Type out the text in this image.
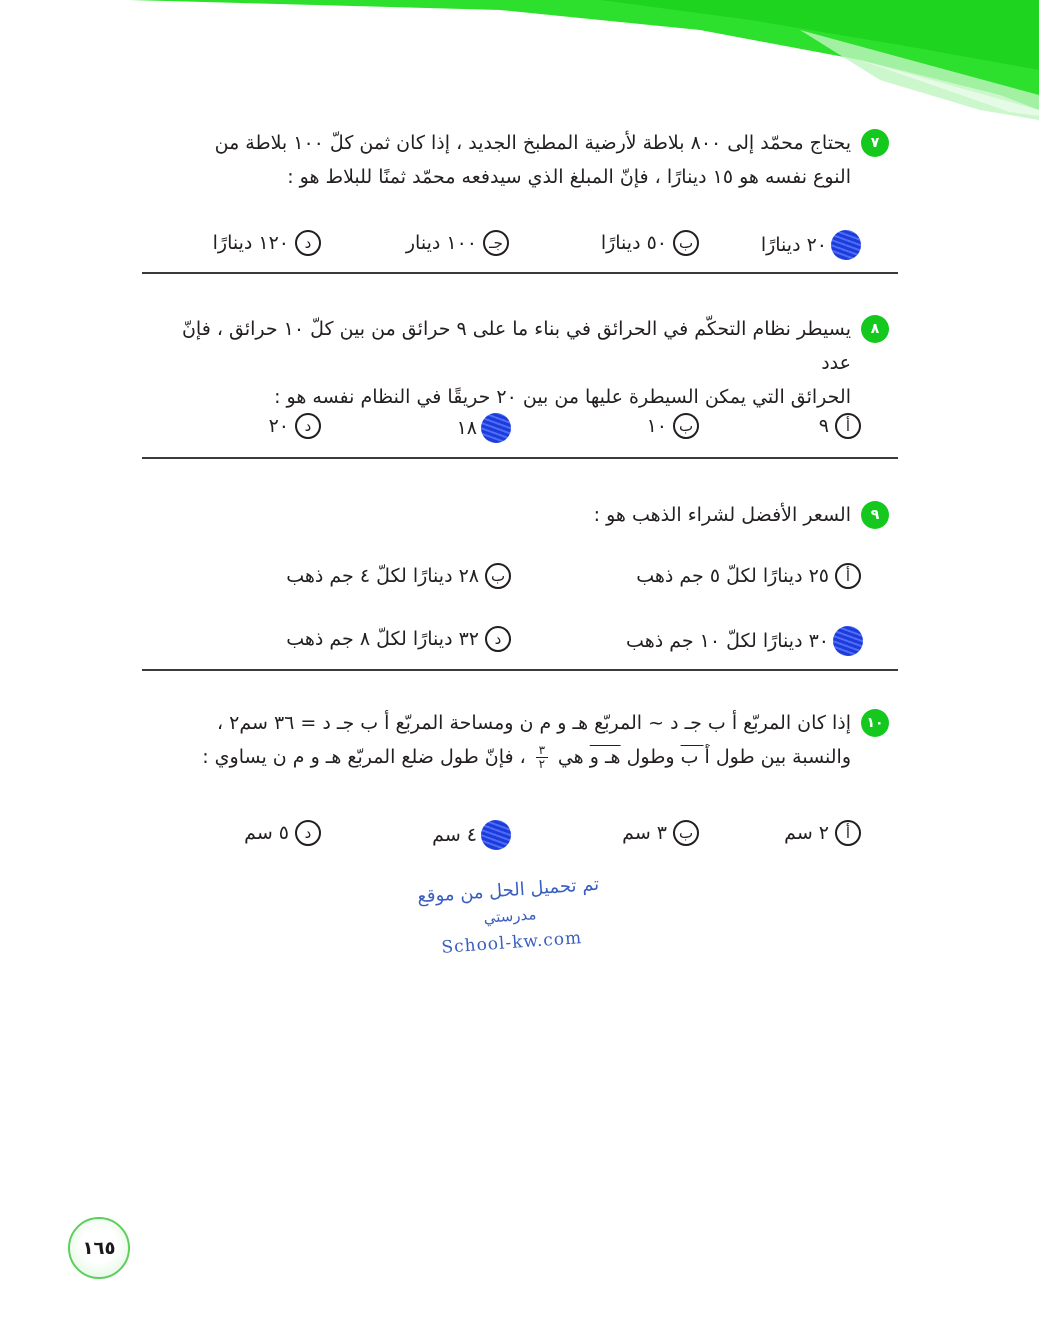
٧
يحتاج محمّد إلى ٨٠٠ بلاطة لأرضية المطبخ الجديد ، إذا كان ثمن كلّ ١٠٠ بلاطة من
النوع نفسه هو ١٥ دينارًا ، فإنّ المبلغ الذي سيدفعه محمّد ثمنًا للبلاط هو :
٢٠ دينارًا
ب
٥٠ دينارًا
جـ
١٠٠ دينار
د
١٢٠ دينارًا
٨
يسيطر نظام التحكّم في الحرائق في بناء ما على ٩ حرائق من بين كلّ ١٠ حرائق ، فإنّ عدد
الحرائق التي يمكن السيطرة عليها من بين ٢٠ حريقًا في النظام نفسه هو :
أ
٩
ب
١٠
١٨
د
٢٠
٩
السعر الأفضل لشراء الذهب هو :
أ
٢٥ دينارًا لكلّ ٥ جم ذهب
ب
٢٨ دينارًا لكلّ ٤ جم ذهب
٣٠ دينارًا لكلّ ١٠ جم ذهب
د
٣٢ دينارًا لكلّ ٨ جم ذهب
١٠
إذا كان المربّع أ ب جـ د ~ المربّع هـ و م ن ومساحة المربّع أ ب جـ د = ٣٦ سم٢ ،
والنسبة بين طول أ ب وطول هـ و هي
$\frac{٣}{٢}$
، فإنّ طول ضلع المربّع هـ و م ن يساوي :
أ
٢ سم
ب
٣ سم
٤ سم
د
٥ سم
تم تحميل الحل من موقع
مدرستي
School-kw.com
١٦٥
